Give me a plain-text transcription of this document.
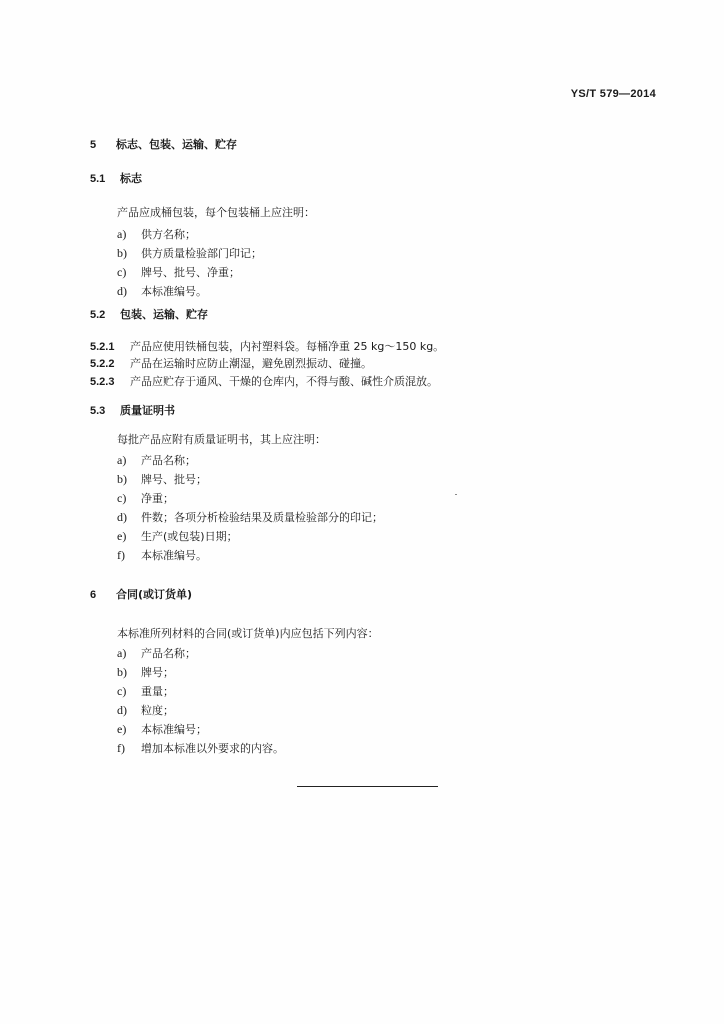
YS/T 579—2014
5 标志、包装、运输、贮存
5.1 标志
产品应成桶包装，每个包装桶上应注明：
a) 供方名称；
b) 供方质量检验部门印记；
c) 牌号、批号、净重；
d) 本标准编号。
5.2 包装、运输、贮存
5.2.1 产品应使用铁桶包装，内衬塑料袋。每桶净重 25 kg～150 kg。
5.2.2 产品在运输时应防止潮湿，避免剧烈振动、碰撞。
5.2.3 产品应贮存于通风、干燥的仓库内，不得与酸、碱性介质混放。
5.3 质量证明书
每批产品应附有质量证明书，其上应注明：
a) 产品名称；
b) 牌号、批号；
c) 净重；
d) 件数；各项分析检验结果及质量检验部分的印记；
e) 生产(或包装)日期；
f) 本标准编号。
6 合同(或订货单)
本标准所列材料的合同(或订货单)内应包括下列内容：
a) 产品名称；
b) 牌号；
c) 重量；
d) 粒度；
e) 本标准编号；
f) 增加本标准以外要求的内容。
